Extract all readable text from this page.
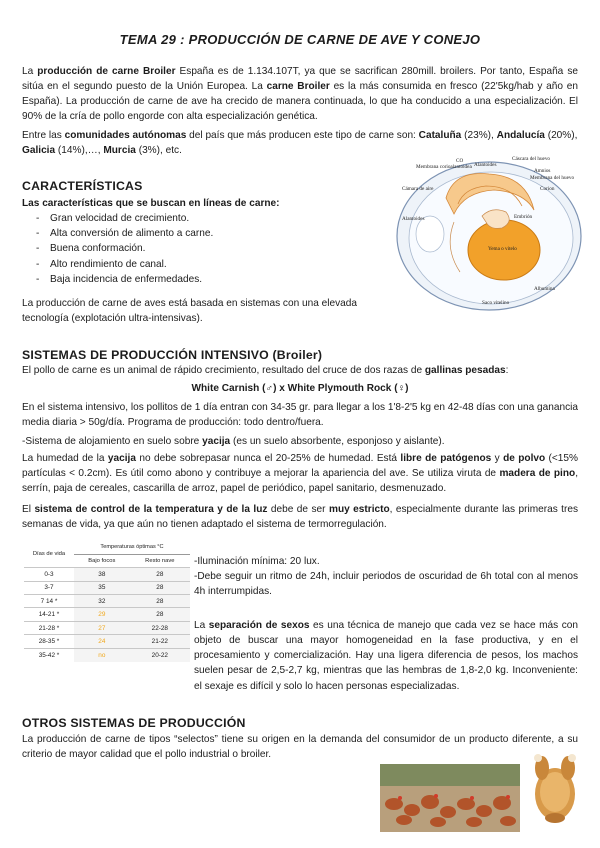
TEMA 29 : PRODUCCIÓN DE CARNE DE AVE Y CONEJO
La producción de carne Broiler España es de 1.134.107T, ya que se sacrifican 280mill. broilers. Por tanto, España se sitúa en el segundo puesto de la Unión Europea. La carne Broiler es la más consumida en fresco (22'5kg/hab y año en España). La producción de carne de ave ha crecido de manera continuada, lo que ha conducido a una especialización. El 90% de la cría de pollo engorde con alta especialización genética.
Entre las comunidades autónomas del país que más producen este tipo de carne son: Cataluña (23%), Andalucía (20%), Galicia (14%),…, Murcia (3%), etc.
CARACTERÍSTICAS
Las características que se buscan en líneas de carne:
- Gran velocidad de crecimiento.
- Alta conversión de alimento a carne.
- Buena conformación.
- Alto rendimiento de canal.
- Baja incidencia de enfermedades.
La producción de carne de aves está basada en sistemas con una elevada tecnología (explotación ultra-intensivas).
Membrana corioalantoidea
CO
Alantoides
Cáscara del huevo
Amnios
Membrana del huevo
Cámara de aire	Corion
Alantoides	Embrión
Yema o vitelo
Albumina
Saco vitelino
SISTEMAS DE PRODUCCIÓN INTENSIVO (Broiler)
El pollo de carne es un animal de rápido crecimiento, resultado del cruce de dos razas de gallinas pesadas:
White Carnish (♂) x White Plymouth Rock (♀)
En el sistema intensivo, los pollitos de 1 día entran con 34-35 gr. para llegar a los 1'8-2'5 kg en 42-48 días con una ganancia media diaria > 50g/día. Programa de producción: todo dentro/fuera.
-Sistema de alojamiento en suelo sobre yacija (es un suelo absorbente, esponjoso y aislante).
La humedad de la yacija no debe sobrepasar nunca el 20-25% de humedad. Está libre de patógenos y de polvo (<15% partículas < 0.2cm). Es útil como abono y contribuye a mejorar la apariencia del ave. Se utiliza viruta de madera de pino, serrín, paja de cereales, cascarilla de arroz, papel de periódico, papel sanitario, desmenuzado.
El sistema de control de la temperatura y de la luz debe de ser muy estricto, especialmente durante las primeras tres semanas de vida, ya que aún no tienen adaptado el sistema de termorregulación.
Días de vida	Temperaturas óptimas °C	
	Bajo focos	Resto nave
0-3	38	28
3-7	35	28
7 14 *	32	28
14-21 *	29	28
21-28 *	27	22-28
28-35 *	24	21-22
35-42 *	no	20-22
-Iluminación mínima: 20 lux.
-Debe seguir un ritmo de 24h, incluir periodos de oscuridad de 6h total con al menos 4h interrumpidas.
La separación de sexos es una técnica de manejo que cada vez se hace más con objeto de buscar una mayor homogeneidad en la fase productiva, y en el procesamiento y comercialización. Hay una ligera diferencia de pesos, los machos suelen pesar de 2,5-2,7 kg, mientras que las hembras de 1,8-2,0 kg. Inconveniente: el sexaje es difícil y solo lo hacen personas especializadas.
OTROS SISTEMAS DE PRODUCCIÓN
La producción de carne de tipos “selectos” tiene su origen en la demanda del consumidor de un producto diferente, a su criterio de mayor calidad que el pollo industrial o broiler.
